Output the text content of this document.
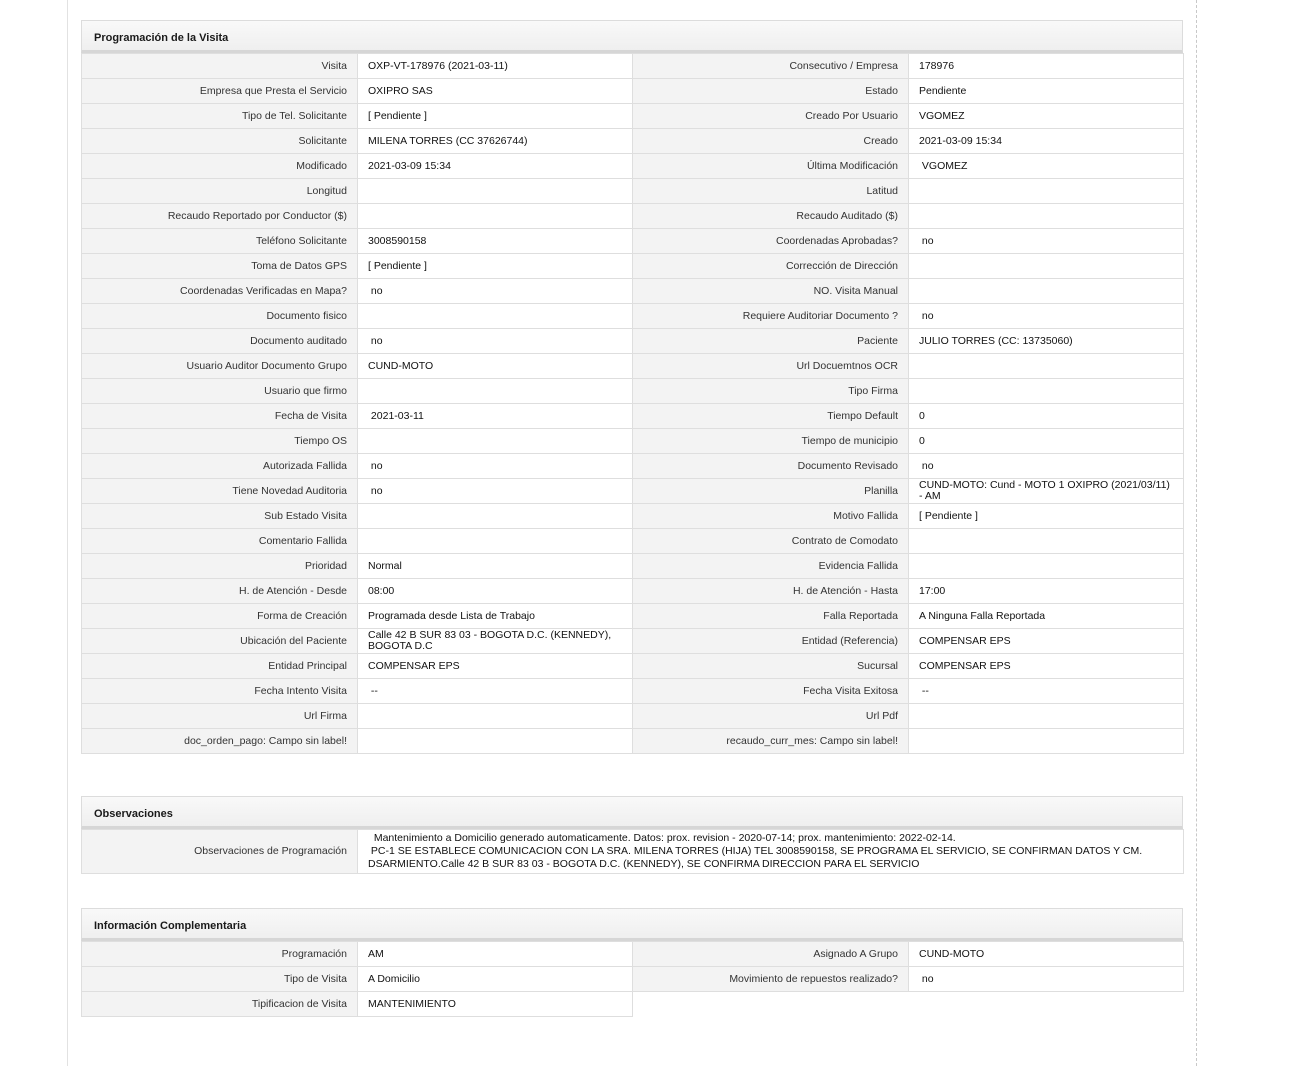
Programación de la Visita
Visita	OXP-VT-178976 (2021-03-11)	Consecutivo / Empresa	178976
Empresa que Presta el Servicio	OXIPRO SAS	Estado	Pendiente
Tipo de Tel. Solicitante	[ Pendiente ]	Creado Por Usuario	VGOMEZ
Solicitante	MILENA TORRES (CC 37626744)	Creado	2021-03-09 15:34
Modificado	2021-03-09 15:34	Última Modificación	VGOMEZ
Longitud		Latitud	
Recaudo Reportado por Conductor ($)		Recaudo Auditado ($)	
Teléfono Solicitante	3008590158	Coordenadas Aprobadas?	no
Toma de Datos GPS	[ Pendiente ]	Corrección de Dirección	
Coordenadas Verificadas en Mapa?	no	NO. Visita Manual	
Documento fisico		Requiere Auditoriar Documento ?	no
Documento auditado	no	Paciente	JULIO TORRES (CC: 13735060)
Usuario Auditor Documento Grupo	CUND-MOTO	Url Docuemtnos OCR	
Usuario que firmo		Tipo Firma	
Fecha de Visita	2021-03-11	Tiempo Default	0
Tiempo OS		Tiempo de municipio	0
Autorizada Fallida	no	Documento Revisado	no
Tiene Novedad Auditoria	no	Planilla	CUND-MOTO: Cund - MOTO 1 OXIPRO (2021/03/11) - AM
Sub Estado Visita		Motivo Fallida	[ Pendiente ]
Comentario Fallida		Contrato de Comodato	
Prioridad	Normal	Evidencia Fallida	
H. de Atención - Desde	08:00	H. de Atención - Hasta	17:00
Forma de Creación	Programada desde Lista de Trabajo	Falla Reportada	A Ninguna Falla Reportada
Ubicación del Paciente	Calle 42 B SUR 83 03 - BOGOTA D.C. (KENNEDY), BOGOTA D.C	Entidad (Referencia)	COMPENSAR EPS
Entidad Principal	COMPENSAR EPS	Sucursal	COMPENSAR EPS
Fecha Intento Visita	--	Fecha Visita Exitosa	--
Url Firma		Url Pdf	
doc_orden_pago: Campo sin label!		recaudo_curr_mes: Campo sin label!	
Observaciones
Observaciones de Programación	
Mantenimiento a Domicilio generado automaticamente. Datos: prox. revision - 2020-07-14; prox. mantenimiento: 2022-02-14.
PC-1 SE ESTABLECE COMUNICACION CON LA SRA. MILENA TORRES (HIJA) TEL 3008590158, SE PROGRAMA EL SERVICIO, SE CONFIRMAN DATOS Y CM.
DSARMIENTO.Calle 42 B SUR 83 03 - BOGOTA D.C. (KENNEDY), SE CONFIRMA DIRECCION PARA EL SERVICIO
Información Complementaria
Programación	AM	Asignado A Grupo	CUND-MOTO
Tipo de Visita	A Domicilio	Movimiento de repuestos realizado?	no
Tipificacion de Visita	MANTENIMIENTO		
